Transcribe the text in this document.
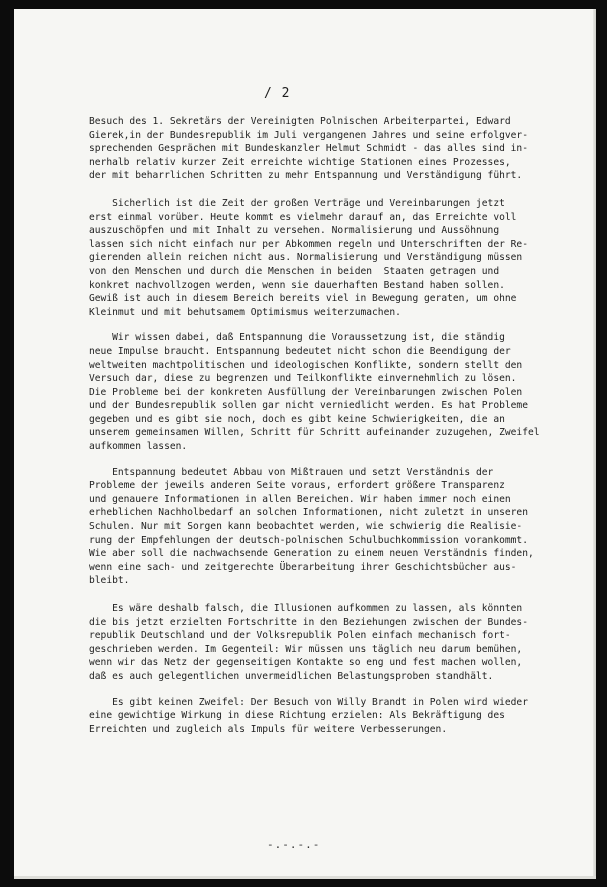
/ 2

Besuch des 1. Sekretärs der Vereinigten Polnischen Arbeiterpartei, Edward
Gierek,in der Bundesrepublik im Juli vergangenen Jahres und seine erfolgver-
sprechenden Gesprächen mit Bundeskanzler Helmut Schmidt - das alles sind in-
nerhalb relativ kurzer Zeit erreichte wichtige Stationen eines Prozesses,
der mit beharrlichen Schritten zu mehr Entspannung und Verständigung führt.

Sicherlich ist die Zeit der großen Verträge und Vereinbarungen jetzt
erst einmal vorüber. Heute kommt es vielmehr darauf an, das Erreichte voll
auszuschöpfen und mit Inhalt zu versehen. Normalisierung und Aussöhnung
lassen sich nicht einfach nur per Abkommen regeln und Unterschriften der Re-
gierenden allein reichen nicht aus. Normalisierung und Verständigung müssen
von den Menschen und durch die Menschen in beiden  Staaten getragen und
konkret nachvollzogen werden, wenn sie dauerhaften Bestand haben sollen.
Gewiß ist auch in diesem Bereich bereits viel in Bewegung geraten, um ohne
Kleinmut und mit behutsamem Optimismus weiterzumachen.

Wir wissen dabei, daß Entspannung die Voraussetzung ist, die ständig
neue Impulse braucht. Entspannung bedeutet nicht schon die Beendigung der
weltweiten machtpolitischen und ideologischen Konflikte, sondern stellt den
Versuch dar, diese zu begrenzen und Teilkonflikte einvernehmlich zu lösen.
Die Probleme bei der konkreten Ausfüllung der Vereinbarungen zwischen Polen
und der Bundesrepublik sollen gar nicht verniedlicht werden. Es hat Probleme
gegeben und es gibt sie noch, doch es gibt keine Schwierigkeiten, die an
unserem gemeinsamen Willen, Schritt für Schritt aufeinander zuzugehen, Zweifel
aufkommen lassen.

Entspannung bedeutet Abbau von Mißtrauen und setzt Verständnis der
Probleme der jeweils anderen Seite voraus, erfordert größere Transparenz
und genauere Informationen in allen Bereichen. Wir haben immer noch einen
erheblichen Nachholbedarf an solchen Informationen, nicht zuletzt in unseren
Schulen. Nur mit Sorgen kann beobachtet werden, wie schwierig die Realisie-
rung der Empfehlungen der deutsch-polnischen Schulbuchkommission vorankommt.
Wie aber soll die nachwachsende Generation zu einem neuen Verständnis finden,
wenn eine sach- und zeitgerechte Überarbeitung ihrer Geschichtsbücher aus-
bleibt.

Es wäre deshalb falsch, die Illusionen aufkommen zu lassen, als könnten
die bis jetzt erzielten Fortschritte in den Beziehungen zwischen der Bundes-
republik Deutschland und der Volksrepublik Polen einfach mechanisch fort-
geschrieben werden. Im Gegenteil: Wir müssen uns täglich neu darum bemühen,
wenn wir das Netz der gegenseitigen Kontakte so eng und fest machen wollen,
daß es auch gelegentlichen unvermeidlichen Belastungsproben standhält.

Es gibt keinen Zweifel: Der Besuch von Willy Brandt in Polen wird wieder
eine gewichtige Wirkung in diese Richtung erzielen: Als Bekräftigung des
Erreichten und zugleich als Impuls für weitere Verbesserungen.

-.-.-.-
